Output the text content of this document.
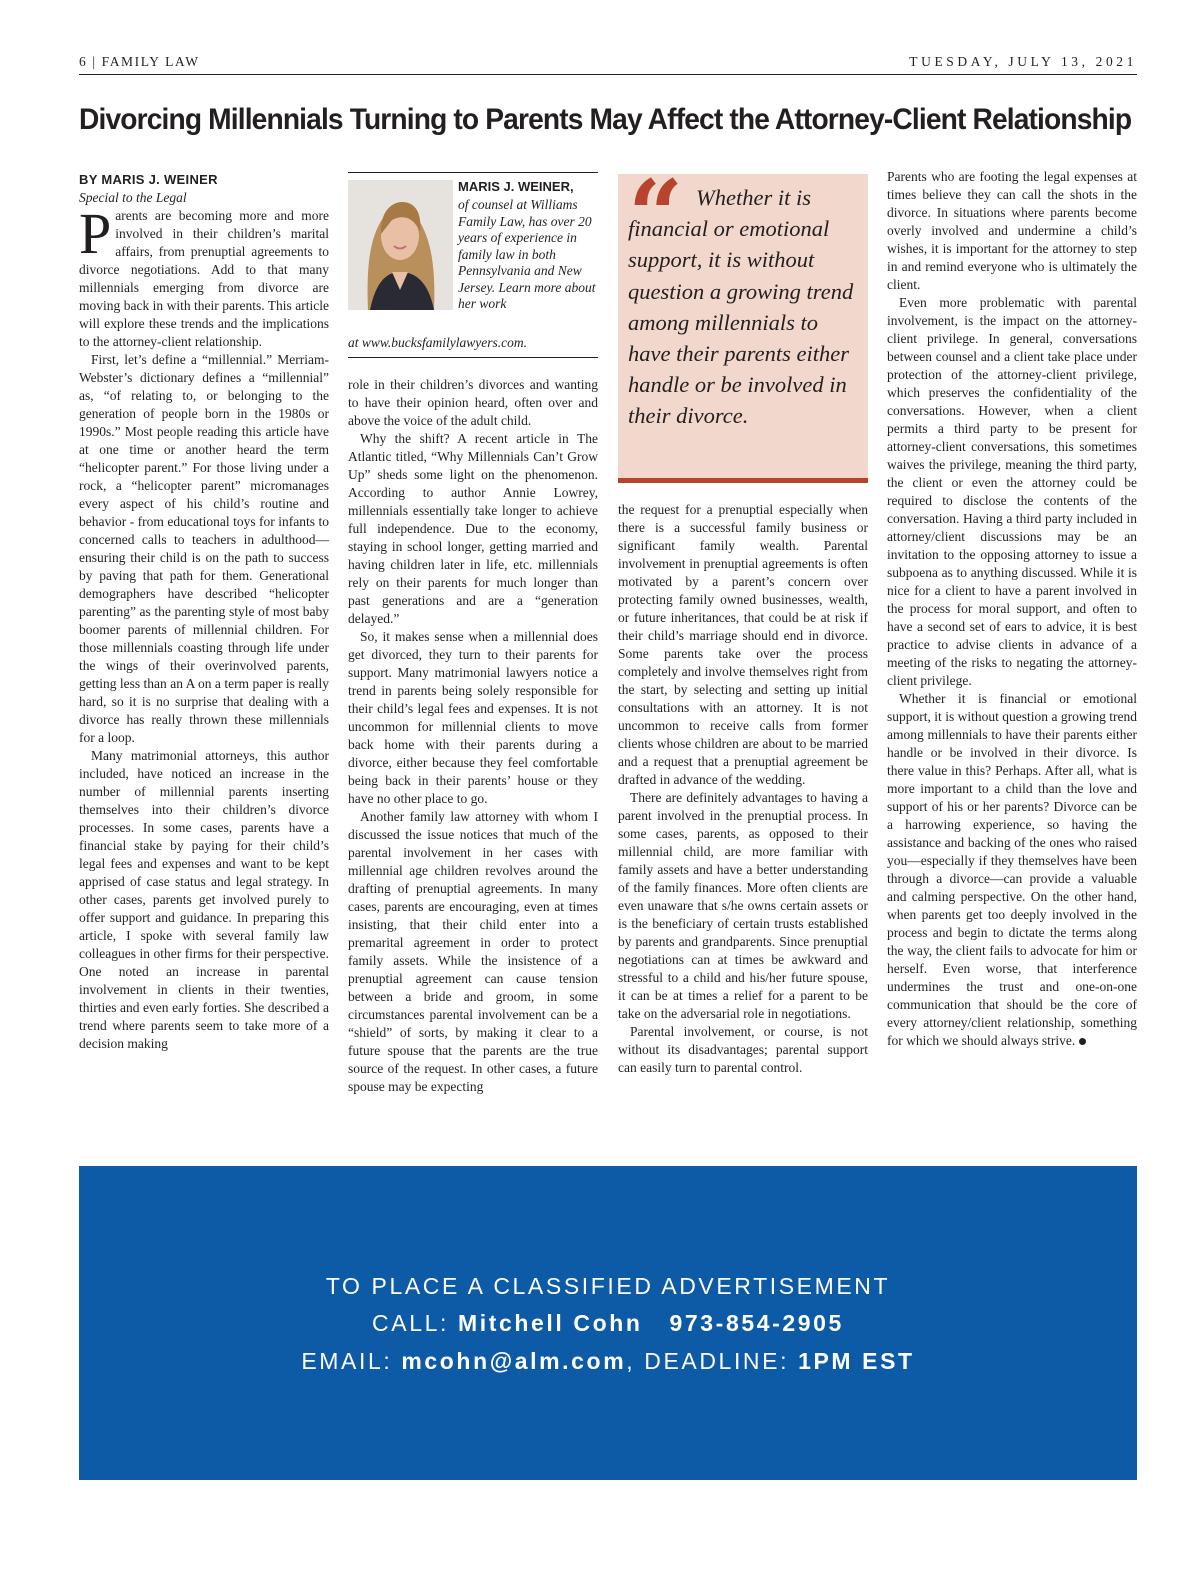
6 | FAMILY LAW	TUESDAY, JULY 13, 2021
Divorcing Millennials Turning to Parents May Affect the Attorney-Client Relationship

BY MARIS J. WEINER

Special to the Legal

Parents are becoming more and more involved in their children’s marital affairs, from prenuptial agreements to divorce negotiations. Add to that many millennials emerging from divorce are moving back in with their parents. This article will explore these trends and the implications to the attorney-client relationship.

First, let’s define a “millennial.” Merriam-Webster’s dictionary defines a “millennial” as, “of relating to, or belonging to the generation of people born in the 1980s or 1990s.” Most people reading this article have at one time or another heard the term “helicopter parent.” For those living under a rock, a “helicopter parent” micromanages every aspect of his child’s routine and behavior - from educational toys for infants to concerned calls to teachers in adulthood—ensuring their child is on the path to success by paving that path for them. Generational demographers have described “helicopter parenting” as the parenting style of most baby boomer parents of millennial children. For those millennials coasting through life under the wings of their overinvolved parents, getting less than an A on a term paper is really hard, so it is no surprise that dealing with a divorce has really thrown these millennials for a loop.

Many matrimonial attorneys, this author included, have noticed an increase in the number of millennial parents inserting themselves into their children’s divorce processes. In some cases, parents have a financial stake by paying for their child’s legal fees and expenses and want to be kept apprised of case status and legal strategy. In other cases, parents get involved purely to offer support and guidance. In preparing this article, I spoke with several family law colleagues in other firms for their perspective. One noted an increase in parental involvement in clients in their twenties, thirties and even early forties. She described a trend where parents seem to take more of a decision making

MARIS J. WEINER,
of counsel at Williams Family Law, has over 20 years of experience in family law in both Pennsylvania and New Jersey. Learn more about her work
at www.bucksfamilylawyers.com.

role in their children’s divorces and wanting to have their opinion heard, often over and above the voice of the adult child.

Why the shift? A recent article in The Atlantic titled, “Why Millennials Can’t Grow Up” sheds some light on the phenomenon. According to author Annie Lowrey, millennials essentially take longer to achieve full independence. Due to the economy, staying in school longer, getting married and having children later in life, etc. millennials rely on their parents for much longer than past generations and are a “generation delayed.”

So, it makes sense when a millennial does get divorced, they turn to their parents for support. Many matrimonial lawyers notice a trend in parents being solely responsible for their child’s legal fees and expenses. It is not uncommon for millennial clients to move back home with their parents during a divorce, either because they feel comfortable being back in their parents’ house or they have no other place to go.

Another family law attorney with whom I discussed the issue notices that much of the parental involvement in her cases with millennial age children revolves around the drafting of prenuptial agreements. In many cases, parents are encouraging, even at times insisting, that their child enter into a premarital agreement in order to protect family assets. While the insistence of a prenuptial agreement can cause tension between a bride and groom, in some circumstances parental involvement can be a “shield” of sorts, by making it clear to a future spouse that the parents are the true source of the request. In other cases, a future spouse may be expecting

“ Whether it is financial or emotional support, it is without question a growing trend among millennials to have their parents either handle or be involved in their divorce.

the request for a prenuptial especially when there is a successful family business or significant family wealth. Parental involvement in prenuptial agreements is often motivated by a parent’s concern over protecting family owned businesses, wealth, or future inheritances, that could be at risk if their child’s marriage should end in divorce. Some parents take over the process completely and involve themselves right from the start, by selecting and setting up initial consultations with an attorney. It is not uncommon to receive calls from former clients whose children are about to be married and a request that a prenuptial agreement be drafted in advance of the wedding.

There are definitely advantages to having a parent involved in the prenuptial process. In some cases, parents, as opposed to their millennial child, are more familiar with family assets and have a better understanding of the family finances. More often clients are even unaware that s/he owns certain assets or is the beneficiary of certain trusts established by parents and grandparents. Since prenuptial negotiations can at times be awkward and stressful to a child and his/her future spouse, it can be at times a relief for a parent to be take on the adversarial role in negotiations.

Parental involvement, or course, is not without its disadvantages; parental support can easily turn to parental control.

Parents who are footing the legal expenses at times believe they can call the shots in the divorce. In situations where parents become overly involved and undermine a child’s wishes, it is important for the attorney to step in and remind everyone who is ultimately the client.

Even more problematic with parental involvement, is the impact on the attorney-client privilege. In general, conversations between counsel and a client take place under protection of the attorney-client privilege, which preserves the confidentiality of the conversations. However, when a client permits a third party to be present for attorney-client conversations, this sometimes waives the privilege, meaning the third party, the client or even the attorney could be required to disclose the contents of the conversation. Having a third party included in attorney/client discussions may be an invitation to the opposing attorney to issue a subpoena as to anything discussed. While it is nice for a client to have a parent involved in the process for moral support, and often to have a second set of ears to advice, it is best practice to advise clients in advance of a meeting of the risks to negating the attorney-client privilege.

Whether it is financial or emotional support, it is without question a growing trend among millennials to have their parents either handle or be involved in their divorce. Is there value in this? Perhaps. After all, what is more important to a child than the love and support of his or her parents? Divorce can be a harrowing experience, so having the assistance and backing of the ones who raised you—especially if they themselves have been through a divorce—can provide a valuable and calming perspective. On the other hand, when parents get too deeply involved in the process and begin to dictate the terms along the way, the client fails to advocate for him or herself. Even worse, that interference undermines the trust and one-on-one communication that should be the core of every attorney/client relationship, something for which we should always strive.

TO PLACE A CLASSIFIED ADVERTISEMENT
CALL: Mitchell Cohn   973-854-2905
EMAIL: mcohn@alm.com, DEADLINE: 1PM EST
